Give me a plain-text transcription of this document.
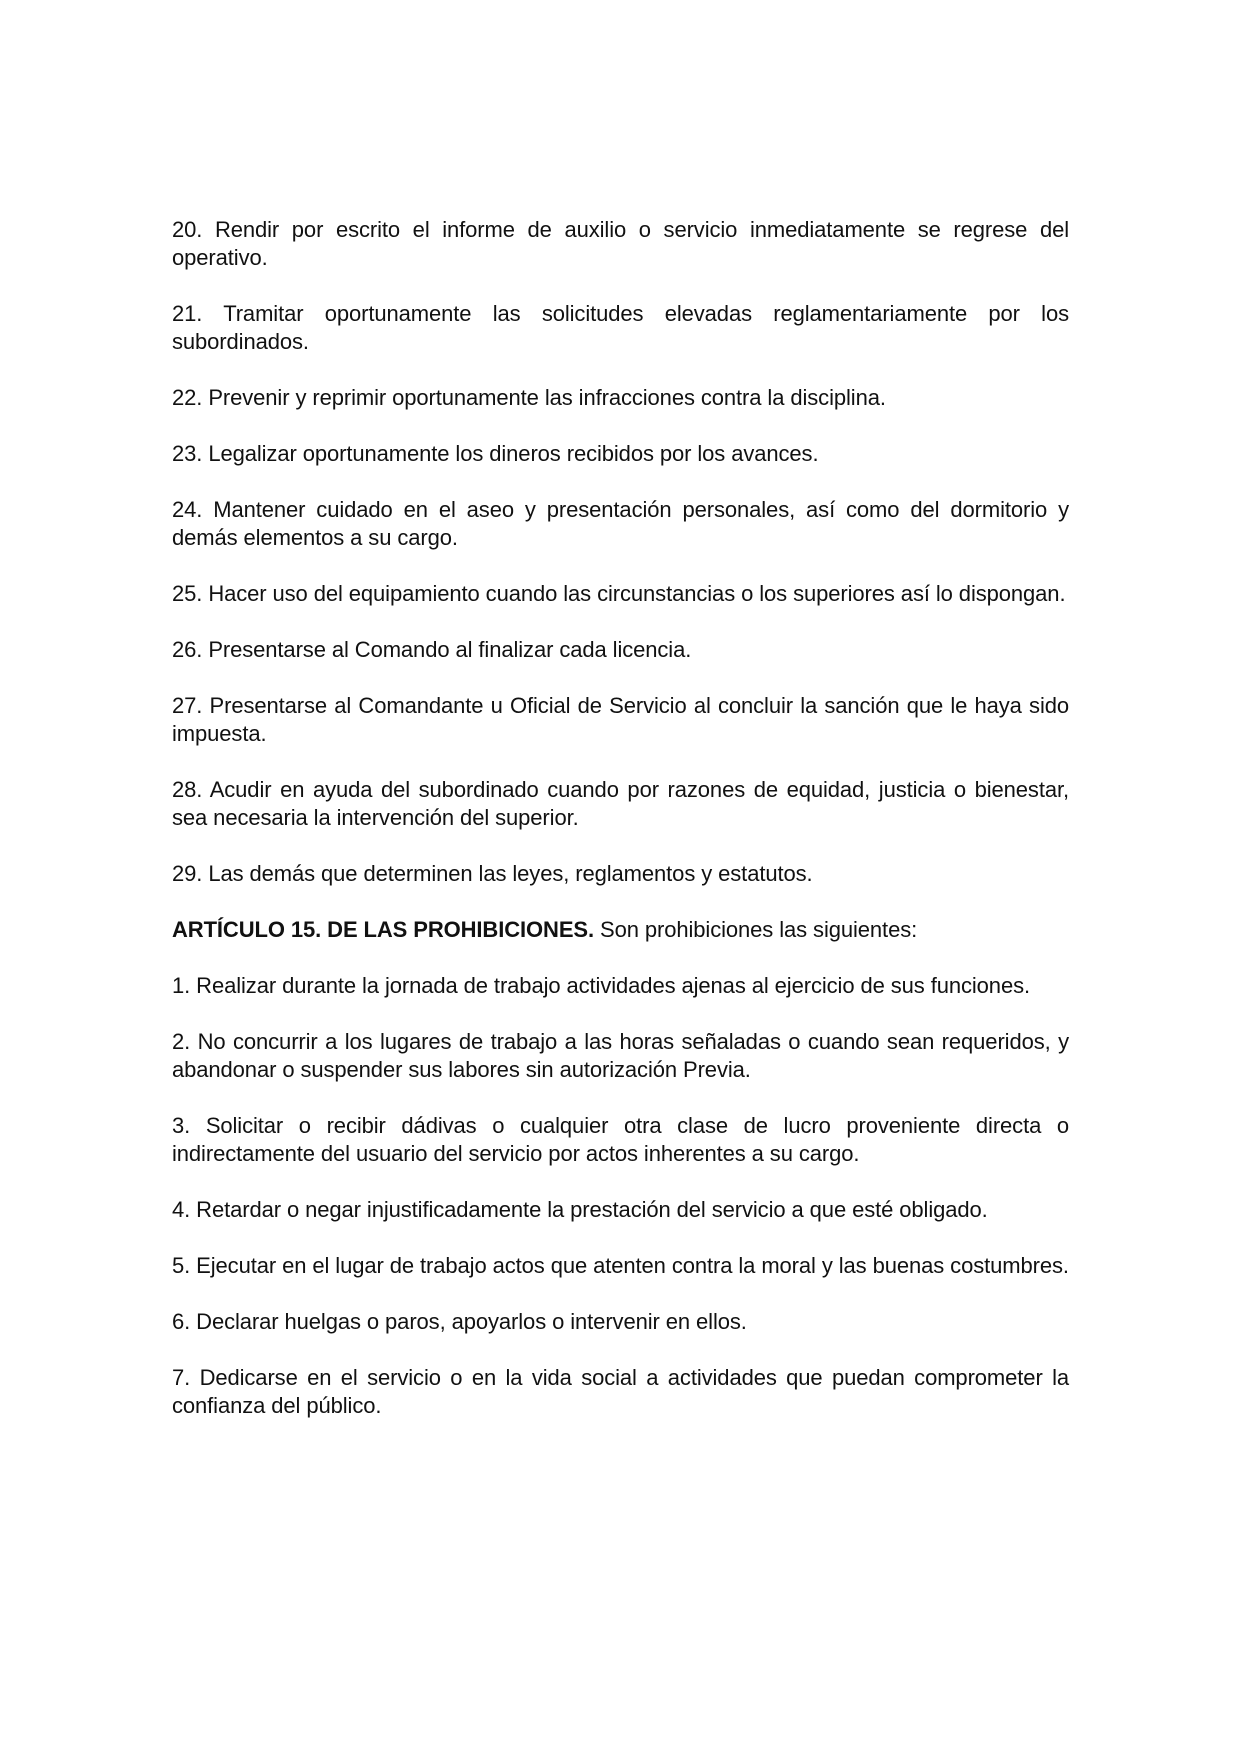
20. Rendir por escrito el informe de auxilio o servicio inmediatamente se regrese del operativo.

21. Tramitar oportunamente las solicitudes elevadas reglamentariamente por los subordinados.

22. Prevenir y reprimir oportunamente las infracciones contra la disciplina.

23. Legalizar oportunamente los dineros recibidos por los avances.

24. Mantener cuidado en el aseo y presentación personales, así como del dormitorio y demás elementos a su cargo.

25. Hacer uso del equipamiento cuando las circunstancias o los superiores así lo dispongan.

26. Presentarse al Comando al finalizar cada licencia.

27. Presentarse al Comandante u Oficial de Servicio al concluir la sanción que le haya sido impuesta.

28. Acudir en ayuda del subordinado cuando por razones de equidad, justicia o bienestar, sea necesaria la intervención del superior.

29. Las demás que determinen las leyes, reglamentos y estatutos.

ARTÍCULO 15. DE LAS PROHIBICIONES. Son prohibiciones las siguientes:

1. Realizar durante la jornada de trabajo actividades ajenas al ejercicio de sus funciones.

2. No concurrir a los lugares de trabajo a las horas señaladas o cuando sean requeridos, y abandonar o suspender sus labores sin autorización Previa.

3. Solicitar o recibir dádivas o cualquier otra clase de lucro proveniente directa o indirectamente del usuario del servicio por actos inherentes a su cargo.

4. Retardar o negar injustificadamente la prestación del servicio a que esté obligado.

5. Ejecutar en el lugar de trabajo actos que atenten contra la moral y las buenas costumbres.

6. Declarar huelgas o paros, apoyarlos o intervenir en ellos.

7. Dedicarse en el servicio o en la vida social a actividades que puedan comprometer la confianza del público.
